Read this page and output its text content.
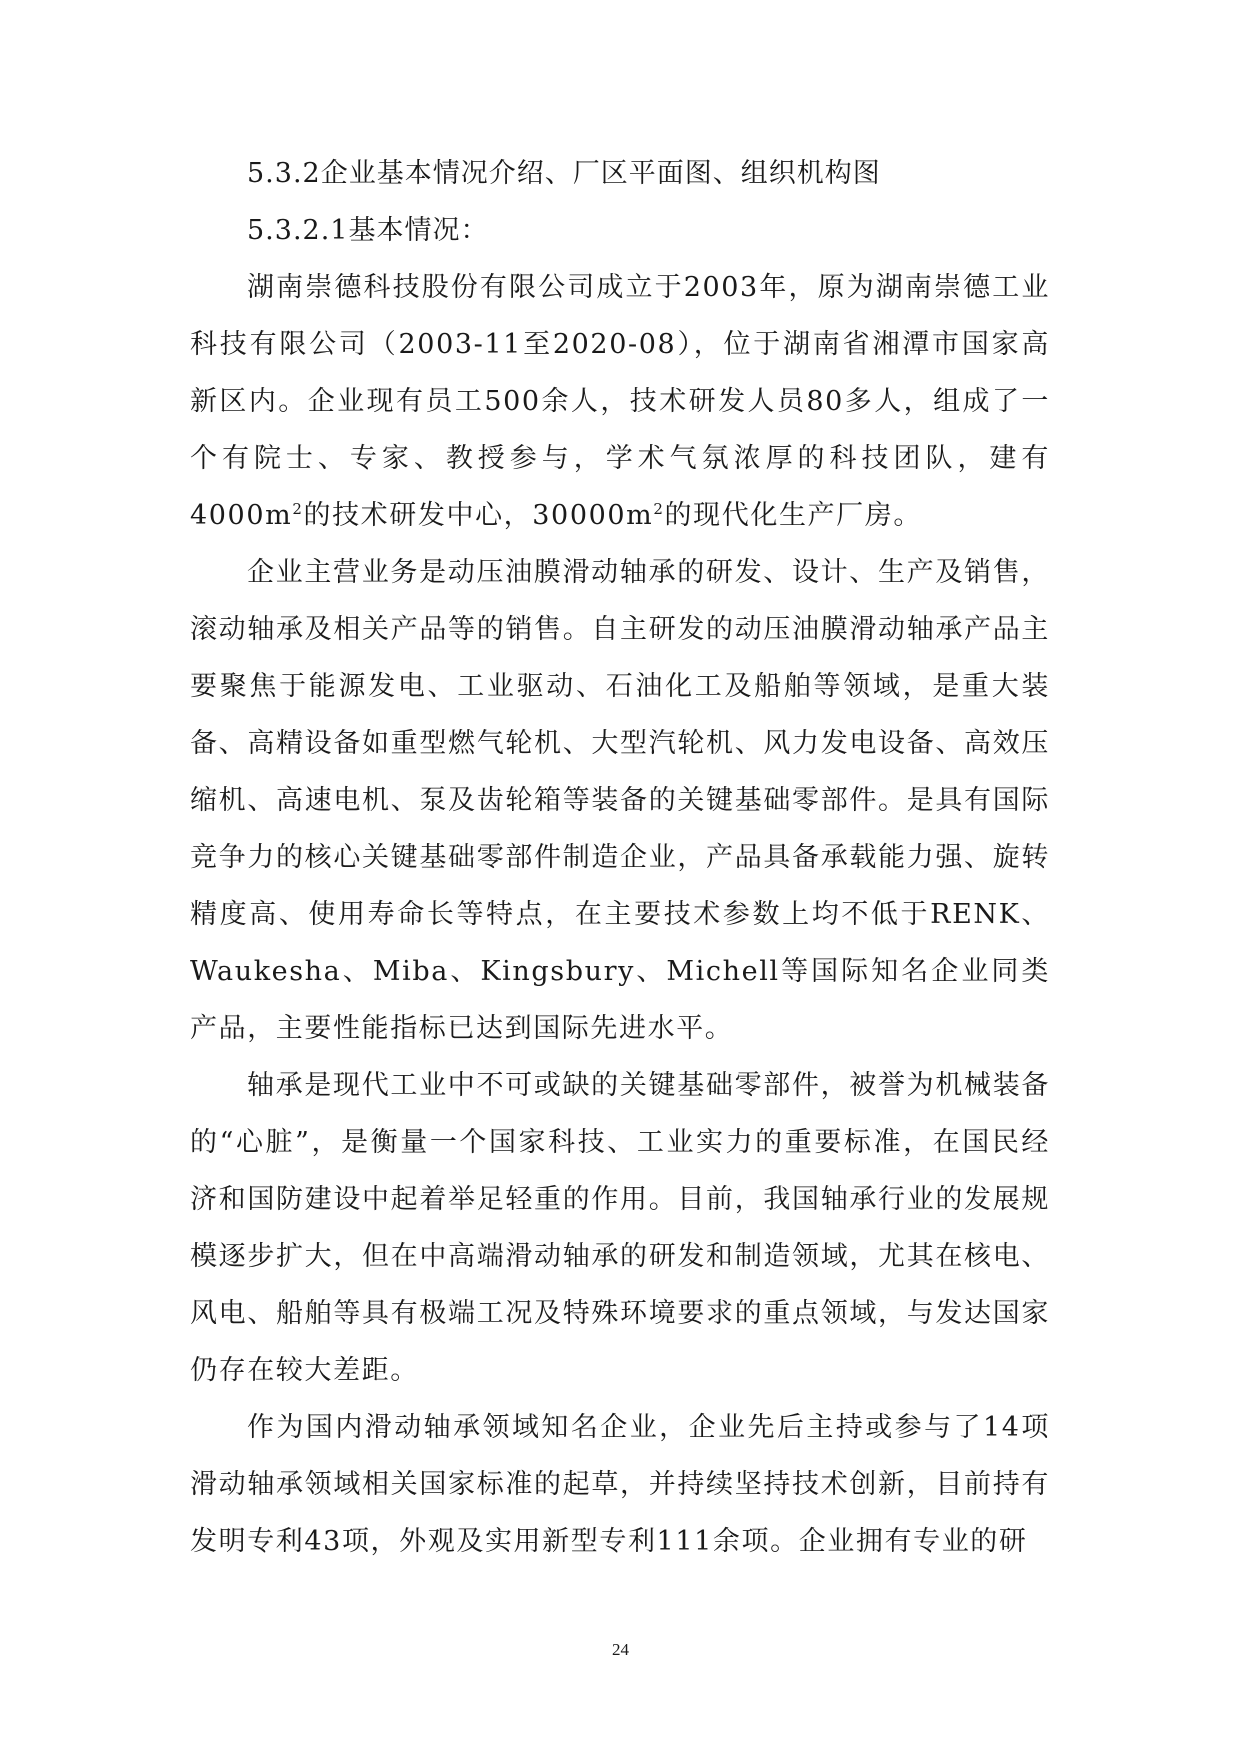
5.3.2企业基本情况介绍、厂区平面图、组织机构图
5.3.2.1基本情况：

湖南崇德科技股份有限公司成立于2003年，原为湖南崇德工业科技有限公司（2003-11至2020-08），位于湖南省湘潭市国家高新区内。企业现有员工500余人，技术研发人员80多人，组成了一个有院士、专家、教授参与，学术气氛浓厚的科技团队，建有$4000m^2$的技术研发中心，$30000m^2$的现代化生产厂房。

企业主营业务是动压油膜滑动轴承的研发、设计、生产及销售，滚动轴承及相关产品等的销售。自主研发的动压油膜滑动轴承产品主要聚焦于能源发电、工业驱动、石油化工及船舶等领域，是重大装备、高精设备如重型燃气轮机、大型汽轮机、风力发电设备、高效压缩机、高速电机、泵及齿轮箱等装备的关键基础零部件。是具有国际竞争力的核心关键基础零部件制造企业，产品具备承载能力强、旋转精度高、使用寿命长等特点，在主要技术参数上均不低于RENK、Waukesha、Miba、Kingsbury、Michell等国际知名企业同类产品，主要性能指标已达到国际先进水平。

轴承是现代工业中不可或缺的关键基础零部件，被誉为机械装备的“心脏”，是衡量一个国家科技、工业实力的重要标准，在国民经济和国防建设中起着举足轻重的作用。目前，我国轴承行业的发展规模逐步扩大，但在中高端滑动轴承的研发和制造领域，尤其在核电、风电、船舶等具有极端工况及特殊环境要求的重点领域，与发达国家仍存在较大差距。

作为国内滑动轴承领域知名企业，企业先后主持或参与了14项滑动轴承领域相关国家标准的起草，并持续坚持技术创新，目前持有发明专利43项，外观及实用新型专利111余项。企业拥有专业的研

24
